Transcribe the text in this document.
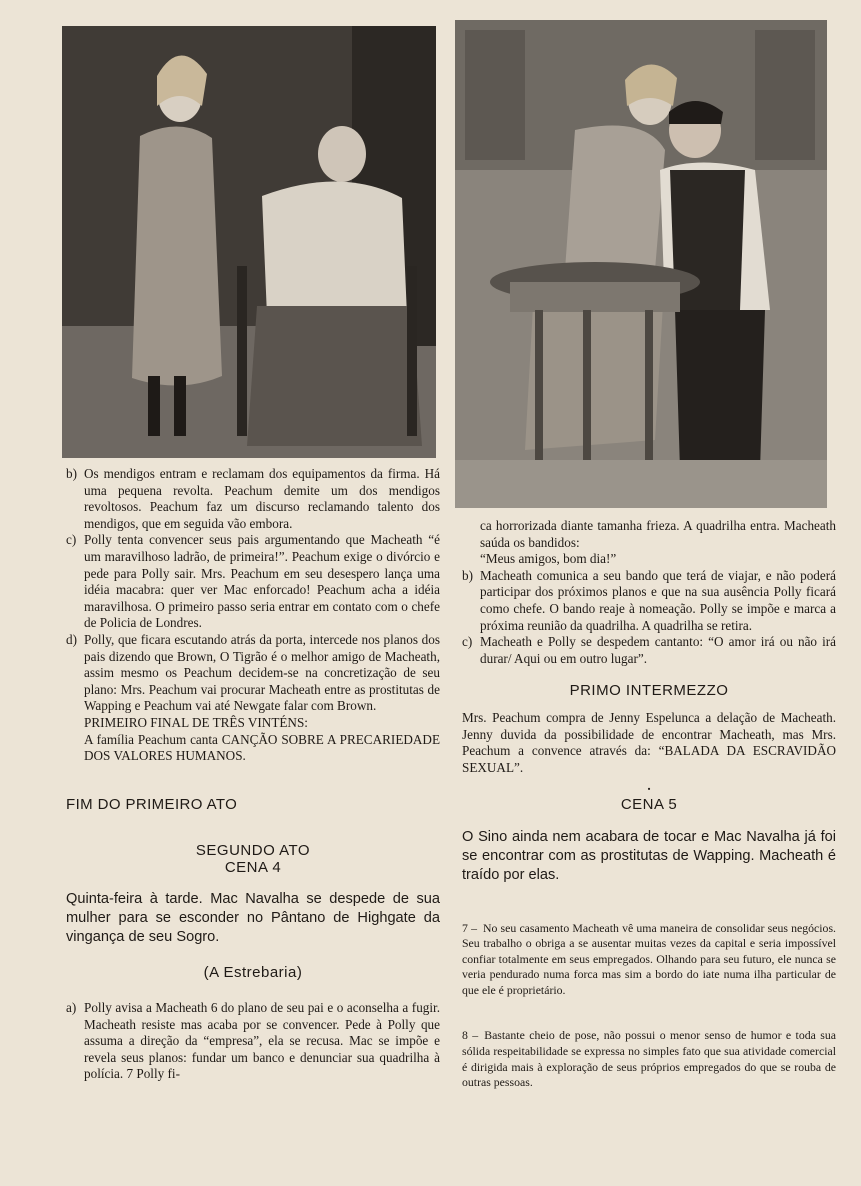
b) Os mendigos entram e reclamam dos equipamentos da firma. Há uma pequena revolta. Peachum demite um dos mendigos revoltosos. Peachum faz um discurso reclamando talento dos mendigos, que em seguida vão embora.
c) Polly tenta convencer seus pais argumentando que Macheath “é um maravilhoso ladrão, de primeira!”. Peachum exige o divórcio e pede para Polly sair. Mrs. Peachum em seu desespero lança uma idéia macabra: quer ver Mac enforcado! Peachum acha a idéia maravilhosa. O primeiro passo seria entrar em contato com o chefe de Policia de Londres.
d) Polly, que ficara escutando atrás da porta, intercede nos planos dos pais dizendo que Brown, O Tigrão é o melhor amigo de Macheath, assim mesmo os Peachum decidem-se na concretização de seu plano: Mrs. Peachum vai procurar Macheath entre as prostitutas de Wapping e Peachum vai até Newgate falar com Brown.
PRIMEIRO FINAL DE TRÊS VINTÉNS:
A família Peachum canta CANÇÃO SOBRE A PRECARIEDADE DOS VALORES HUMANOS.
FIM DO PRIMEIRO ATO
SEGUNDO ATO
CENA 4
Quinta-feira à tarde. Mac Navalha se despede de sua mulher para se esconder no Pântano de Highgate da vingança de seu Sogro.
(A Estrebaria)
a) Polly avisa a Macheath 6 do plano de seu pai e o aconselha a fugir. Macheath resiste mas acaba por se convencer. Pede à Polly que assuma a direção da “empresa”, ela se recusa. Mac se impõe e revela seus planos: fundar um banco e denunciar sua quadrilha à polícia. 7 Polly fi-
ca horrorizada diante tamanha frieza. A quadrilha entra. Macheath saúda os bandidos:
“Meus amigos, bom dia!”
b) Macheath comunica a seu bando que terá de viajar, e não poderá participar dos próximos planos e que na sua ausência Polly ficará como chefe. O bando reaje à nomeação. Polly se impõe e marca a próxima reunião da quadrilha. A quadrilha se retira.
c) Macheath e Polly se despedem cantanto: “O amor irá ou não irá durar/ Aqui ou em outro lugar”.
PRIMO INTERMEZZO
Mrs. Peachum compra de Jenny Espelunca a delação de Macheath. Jenny duvida da possibilidade de encontrar Macheath, mas Mrs. Peachum a convence através da: “BALADA DA ESCRAVIDÃO SEXUAL”.
.
CENA 5
O Sino ainda nem acabara de tocar e Mac Navalha já foi se encontrar com as prostitutas de Wapping. Macheath é traído por elas.
7 – No seu casamento Macheath vê uma maneira de consolidar seus negócios. Seu trabalho o obriga a se ausentar muitas vezes da capital e seria impossível confiar totalmente em seus empregados. Olhando para seu futuro, ele nunca se veria pendurado numa forca mas sim a bordo do iate numa ilha particular de que ele é proprietário.
8 – Bastante cheio de pose, não possui o menor senso de humor e toda sua sólida respeitabilidade se expressa no simples fato que sua atividade comercial é dirigida mais à exploração de seus próprios empregados do que se rouba de outras pessoas.
